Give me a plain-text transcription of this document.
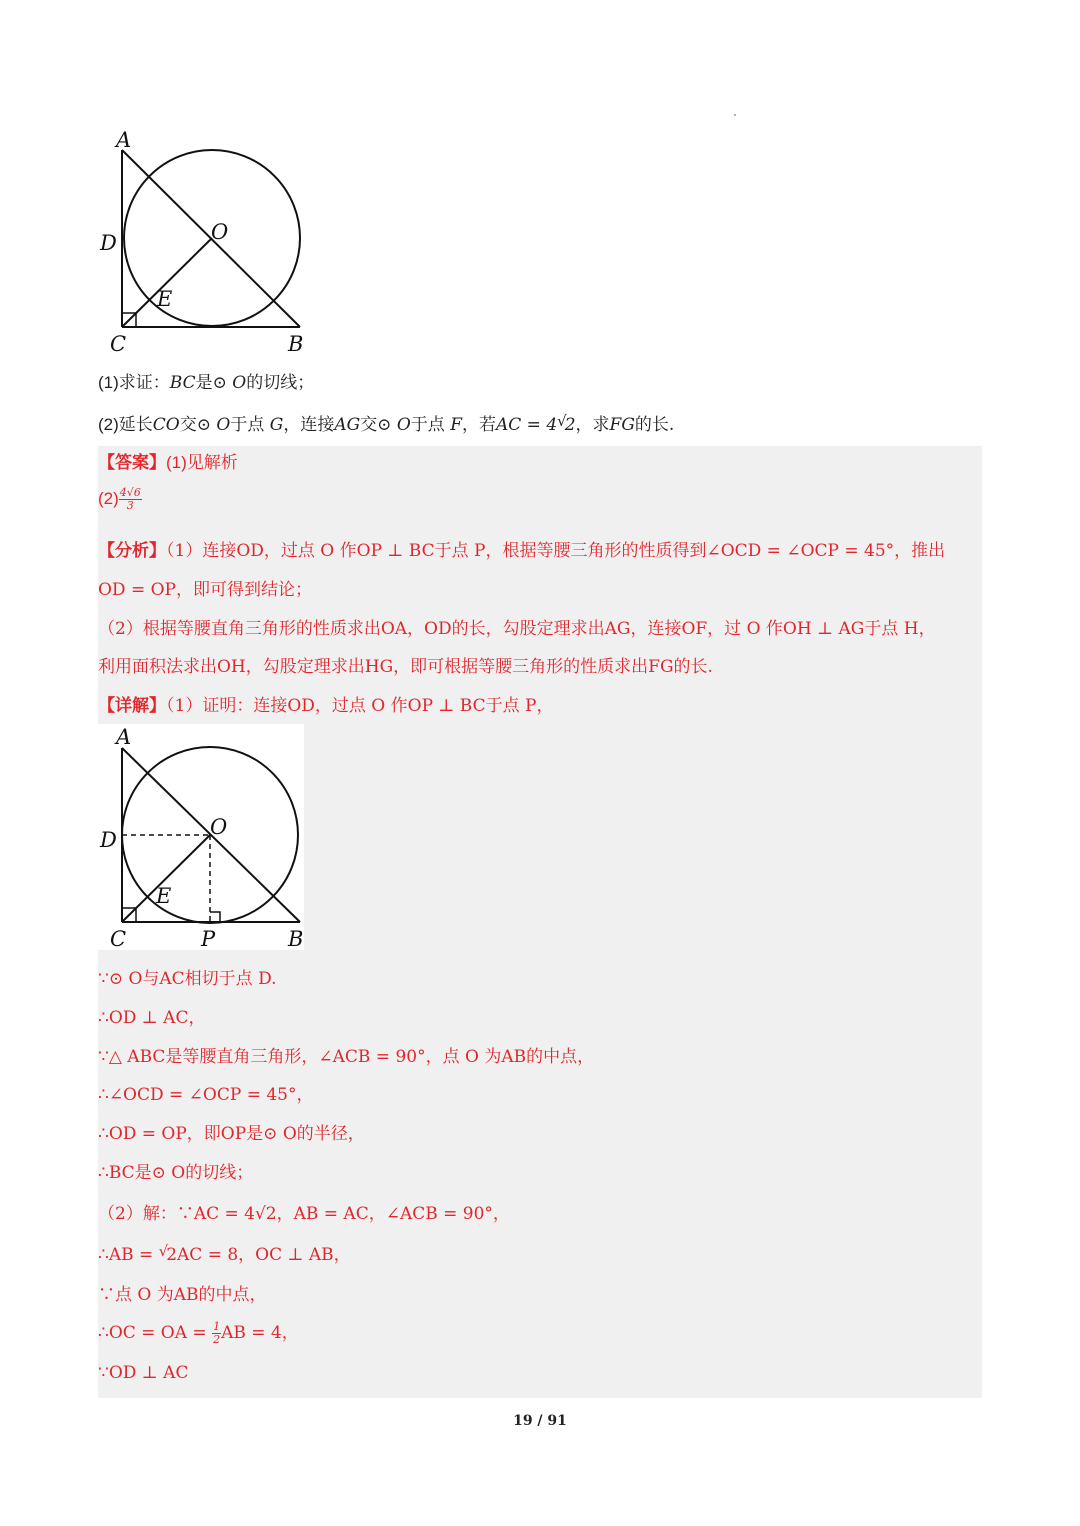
A
D	O
E
C	B
(1)求证：BC是⊙ O的切线；
(2)延长CO交⊙ O于点 G，连接AG交⊙ O于点 F，若AC = 4√2，求FG的长.
【答案】(1)见解析
$(2) \frac{4√6}{3}$
【分析】（1）连接OD，过点 O 作OP ⊥ BC于点 P，根据等腰三角形的性质得到∠OCD = ∠OCP = 45°，推出
OD = OP，即可得到结论；
（2）根据等腰直角三角形的性质求出OA，OD的长，勾股定理求出AG，连接OF，过 O 作OH ⊥ AG于点 H，
利用面积法求出OH，勾股定理求出HG，即可根据等腰三角形的性质求出FG的长.
【详解】（1）证明：连接OD，过点 O 作OP ⊥ BC于点 P，
A
D
O
E
C	P	B
∵⊙ O与AC相切于点 D.
∴OD ⊥ AC，
∵△ ABC是等腰直角三角形，∠ACB = 90°，点 O 为AB的中点，
∴∠OCD = ∠OCP = 45°，
∴OD = OP，即OP是⊙ O的半径，
∴BC是⊙ O的切线；
（2）解：∵AC = 4√2，AB = AC，∠ACB = 90°，
∴AB = √2AC = 8，OC ⊥ AB，
∵点 O 为AB的中点，
∴OC = OA = $\frac{1}{2}$ AB = 4，
∵OD ⊥ AC
19 / 91
